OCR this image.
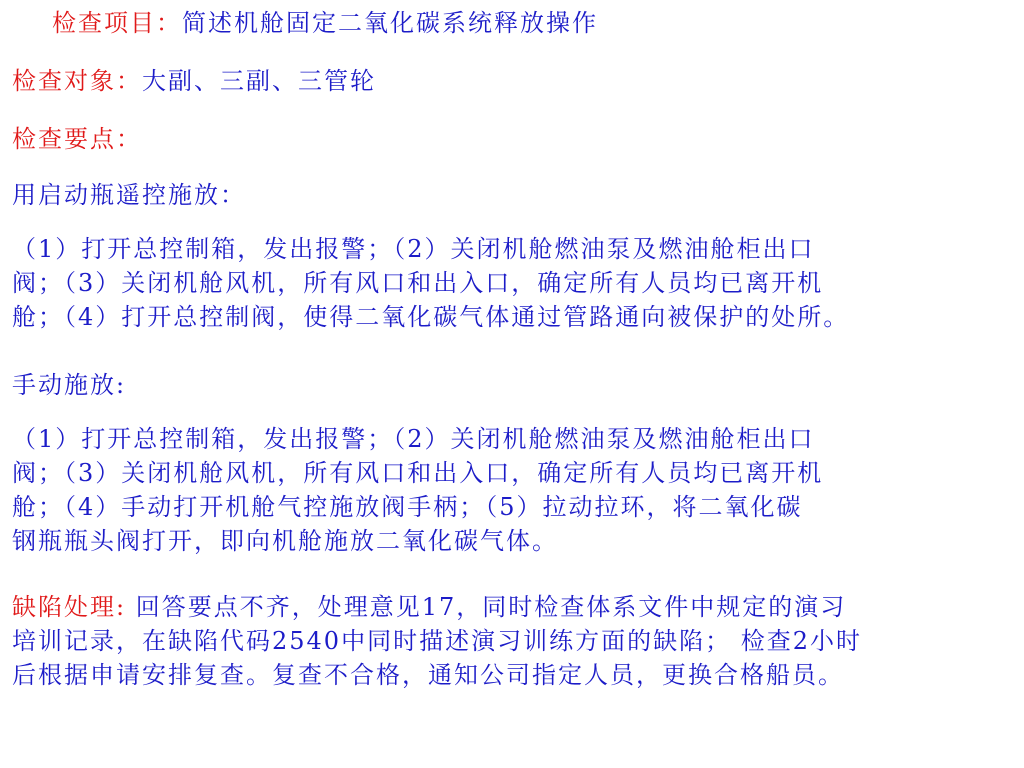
检查项目：简述机舱固定二氧化碳系统释放操作
检查对象：大副、三副、三管轮
检查要点：
用启动瓶遥控施放：
（1）打开总控制箱，发出报警；（2）关闭机舱燃油泵及燃油舱柜出口
阀；（3）关闭机舱风机，所有风口和出入口，确定所有人员均已离开机
舱；（4）打开总控制阀，使得二氧化碳气体通过管路通向被保护的处所。
手动施放:
（1）打开总控制箱，发出报警；（2）关闭机舱燃油泵及燃油舱柜出口
阀；（3）关闭机舱风机，所有风口和出入口，确定所有人员均已离开机
舱；（4）手动打开机舱气控施放阀手柄；（5）拉动拉环，将二氧化碳
钢瓶瓶头阀打开，即向机舱施放二氧化碳气体。
缺陷处理: 回答要点不齐，处理意见17，同时检查体系文件中规定的演习
培训记录，在缺陷代码2540中同时描述演习训练方面的缺陷； 检查2小时
后根据申请安排复查。复查不合格，通知公司指定人员，更换合格船员。
